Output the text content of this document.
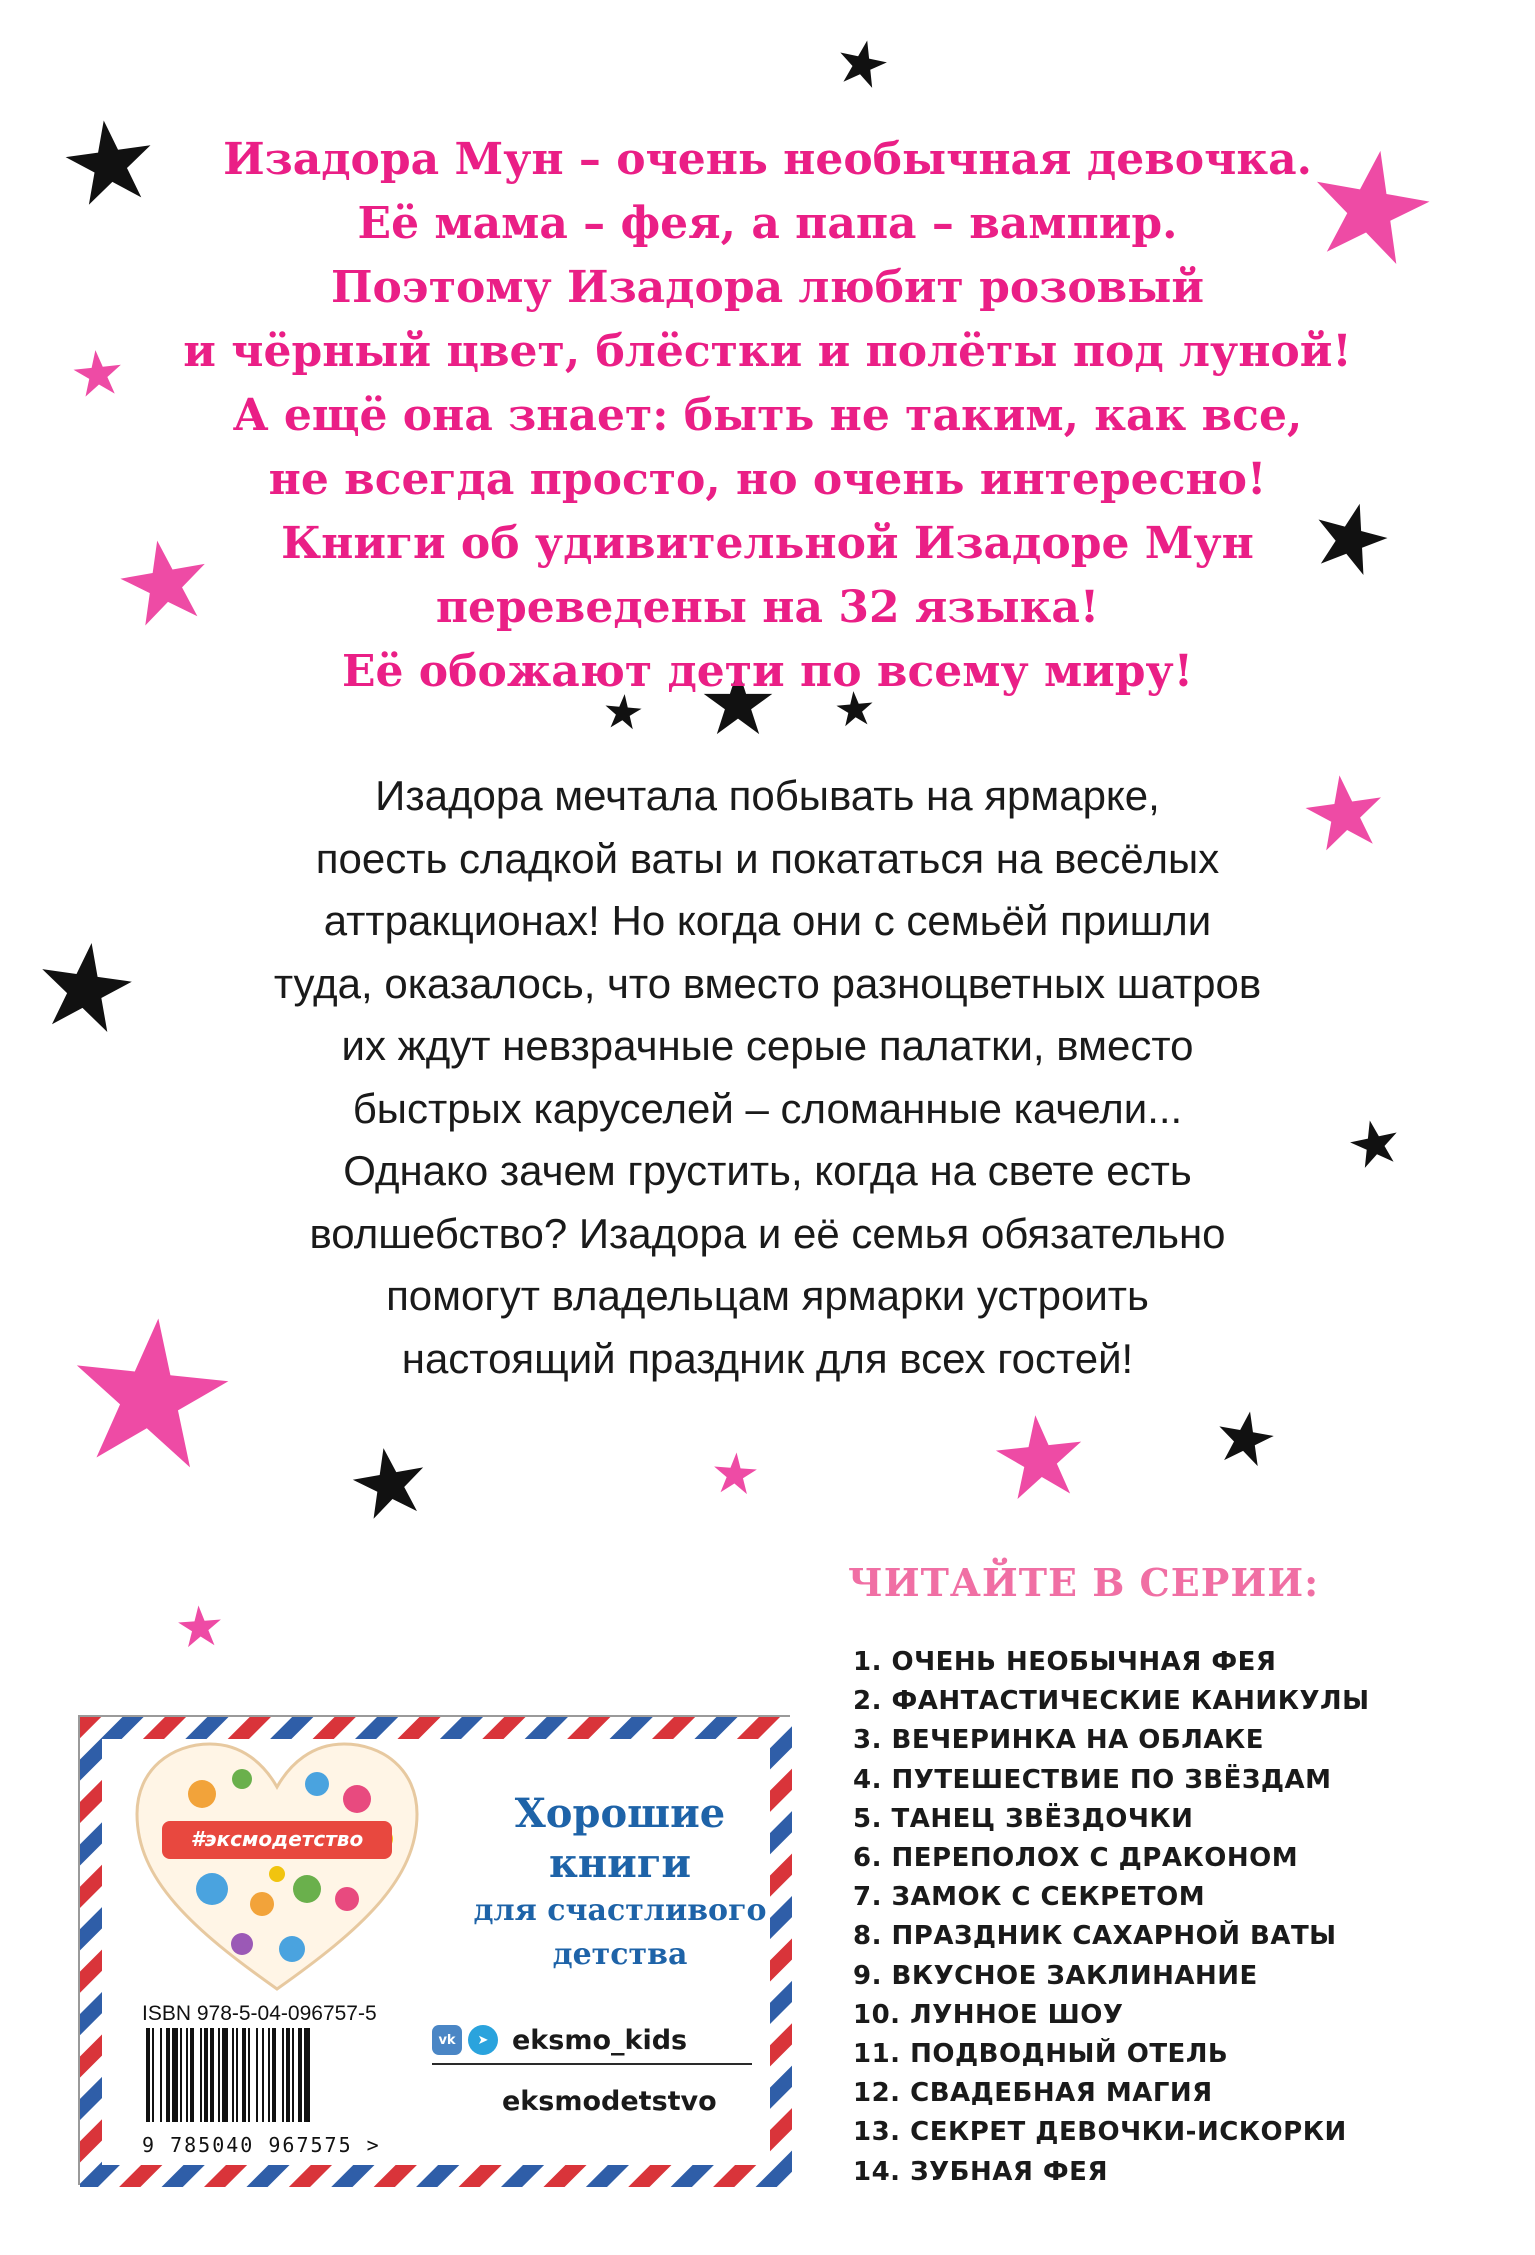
Изадора Мун – очень необычная девочка.
Её мама – фея, а папа – вампир.
Поэтому Изадора любит розовый
и чёрный цвет, блёстки и полёты под луной!
А ещё она знает: быть не таким, как все,
не всегда просто, но очень интересно!
Книги об удивительной Изадоре Мун
переведены на 32 языка!
Её обожают дети по всему миру!
Изадора мечтала побывать на ярмарке,
поесть сладкой ваты и покататься на весёлых
аттракционах! Но когда они с семьёй пришли
туда, оказалось, что вместо разноцветных шатров
их ждут невзрачные серые палатки, вместо
быстрых каруселей – сломанные качели...
Однако зачем грустить, когда на свете есть
волшебство? Изадора и её семья обязательно
помогут владельцам ярмарки устроить
настоящий праздник для всех гостей!
ЧИТАЙТЕ В СЕРИИ:
1. ОЧЕНЬ НЕОБЫЧНАЯ ФЕЯ
2. ФАНТАСТИЧЕСКИЕ КАНИКУЛЫ
3. ВЕЧЕРИНКА НА ОБЛАКЕ
4. ПУТЕШЕСТВИЕ ПО ЗВЁЗДАМ
5. ТАНЕЦ ЗВЁЗДОЧКИ
6. ПЕРЕПОЛОХ С ДРАКОНОМ
7. ЗАМОК С СЕКРЕТОМ
8. ПРАЗДНИК САХАРНОЙ ВАТЫ
9. ВКУСНОЕ ЗАКЛИНАНИЕ
10. ЛУННОЕ ШОУ
11. ПОДВОДНЫЙ ОТЕЛЬ
12. СВАДЕБНАЯ МАГИЯ
13. СЕКРЕТ ДЕВОЧКИ-ИСКОРКИ
14. ЗУБНАЯ ФЕЯ
#эксмодетство
Хорошие
книги
для счастливого
детства
ISBN 978-5-04-096757-5
9 785040 967575 >
vk	➤ eksmo_kids
eksmodetstvo
